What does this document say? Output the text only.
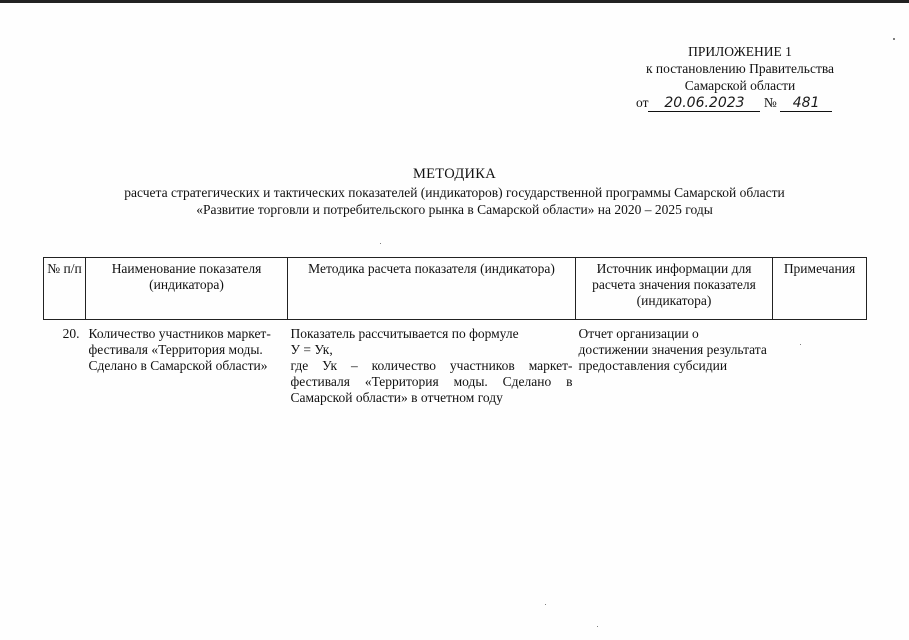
ПРИЛОЖЕНИЕ 1
к постановлению Правительства
Самарской области
от 20.06.2023 № 481
МЕТОДИКА
расчета стратегических и тактических показателей (индикаторов) государственной программы Самарской области
«Развитие торговли и потребительского рынка в Самарской области» на 2020 – 2025 годы
№ п/п	Наименование показателя (индикатора)	Методика расчета показателя (индикатора)	Источник информации для расчета значения показателя (индикатора)	Примечания
20.	Количество участников маркет-фестиваля «Территория моды. Сделано в Самарской области»	Показатель рассчитывается по формуле
У = Ук,
где Ук – количество участников маркет-фестиваля «Территория моды. Сделано в Самарской области» в отчетном году	Отчет организации о достижении значения результата предоставления субсидии	
